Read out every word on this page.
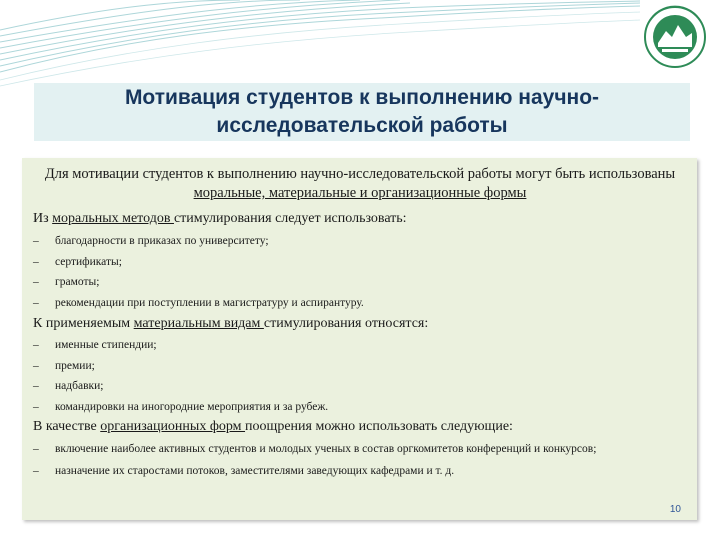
Мотивация студентов к выполнению научно-
исследовательской работы
Для мотивации студентов к выполнению научно-исследовательской работы могут быть использованы моральные, материальные и организационные формы
Из моральных методов стимулирования следует использовать:
– благодарности в приказах по университету;
– сертификаты;
– грамоты;
– рекомендации при поступлении в магистратуру и аспирантуру.
К применяемым материальным видам стимулирования относятся:
– именные стипендии;
– премии;
– надбавки;
– командировки на иногородние мероприятия и за рубеж.
В качестве организационных форм поощрения можно использовать следующие:
– включение наиболее активных студентов и молодых ученых в состав оргкомитетов конференций и конкурсов;
– назначение их старостами потоков, заместителями заведующих кафедрами и т. д.
10
